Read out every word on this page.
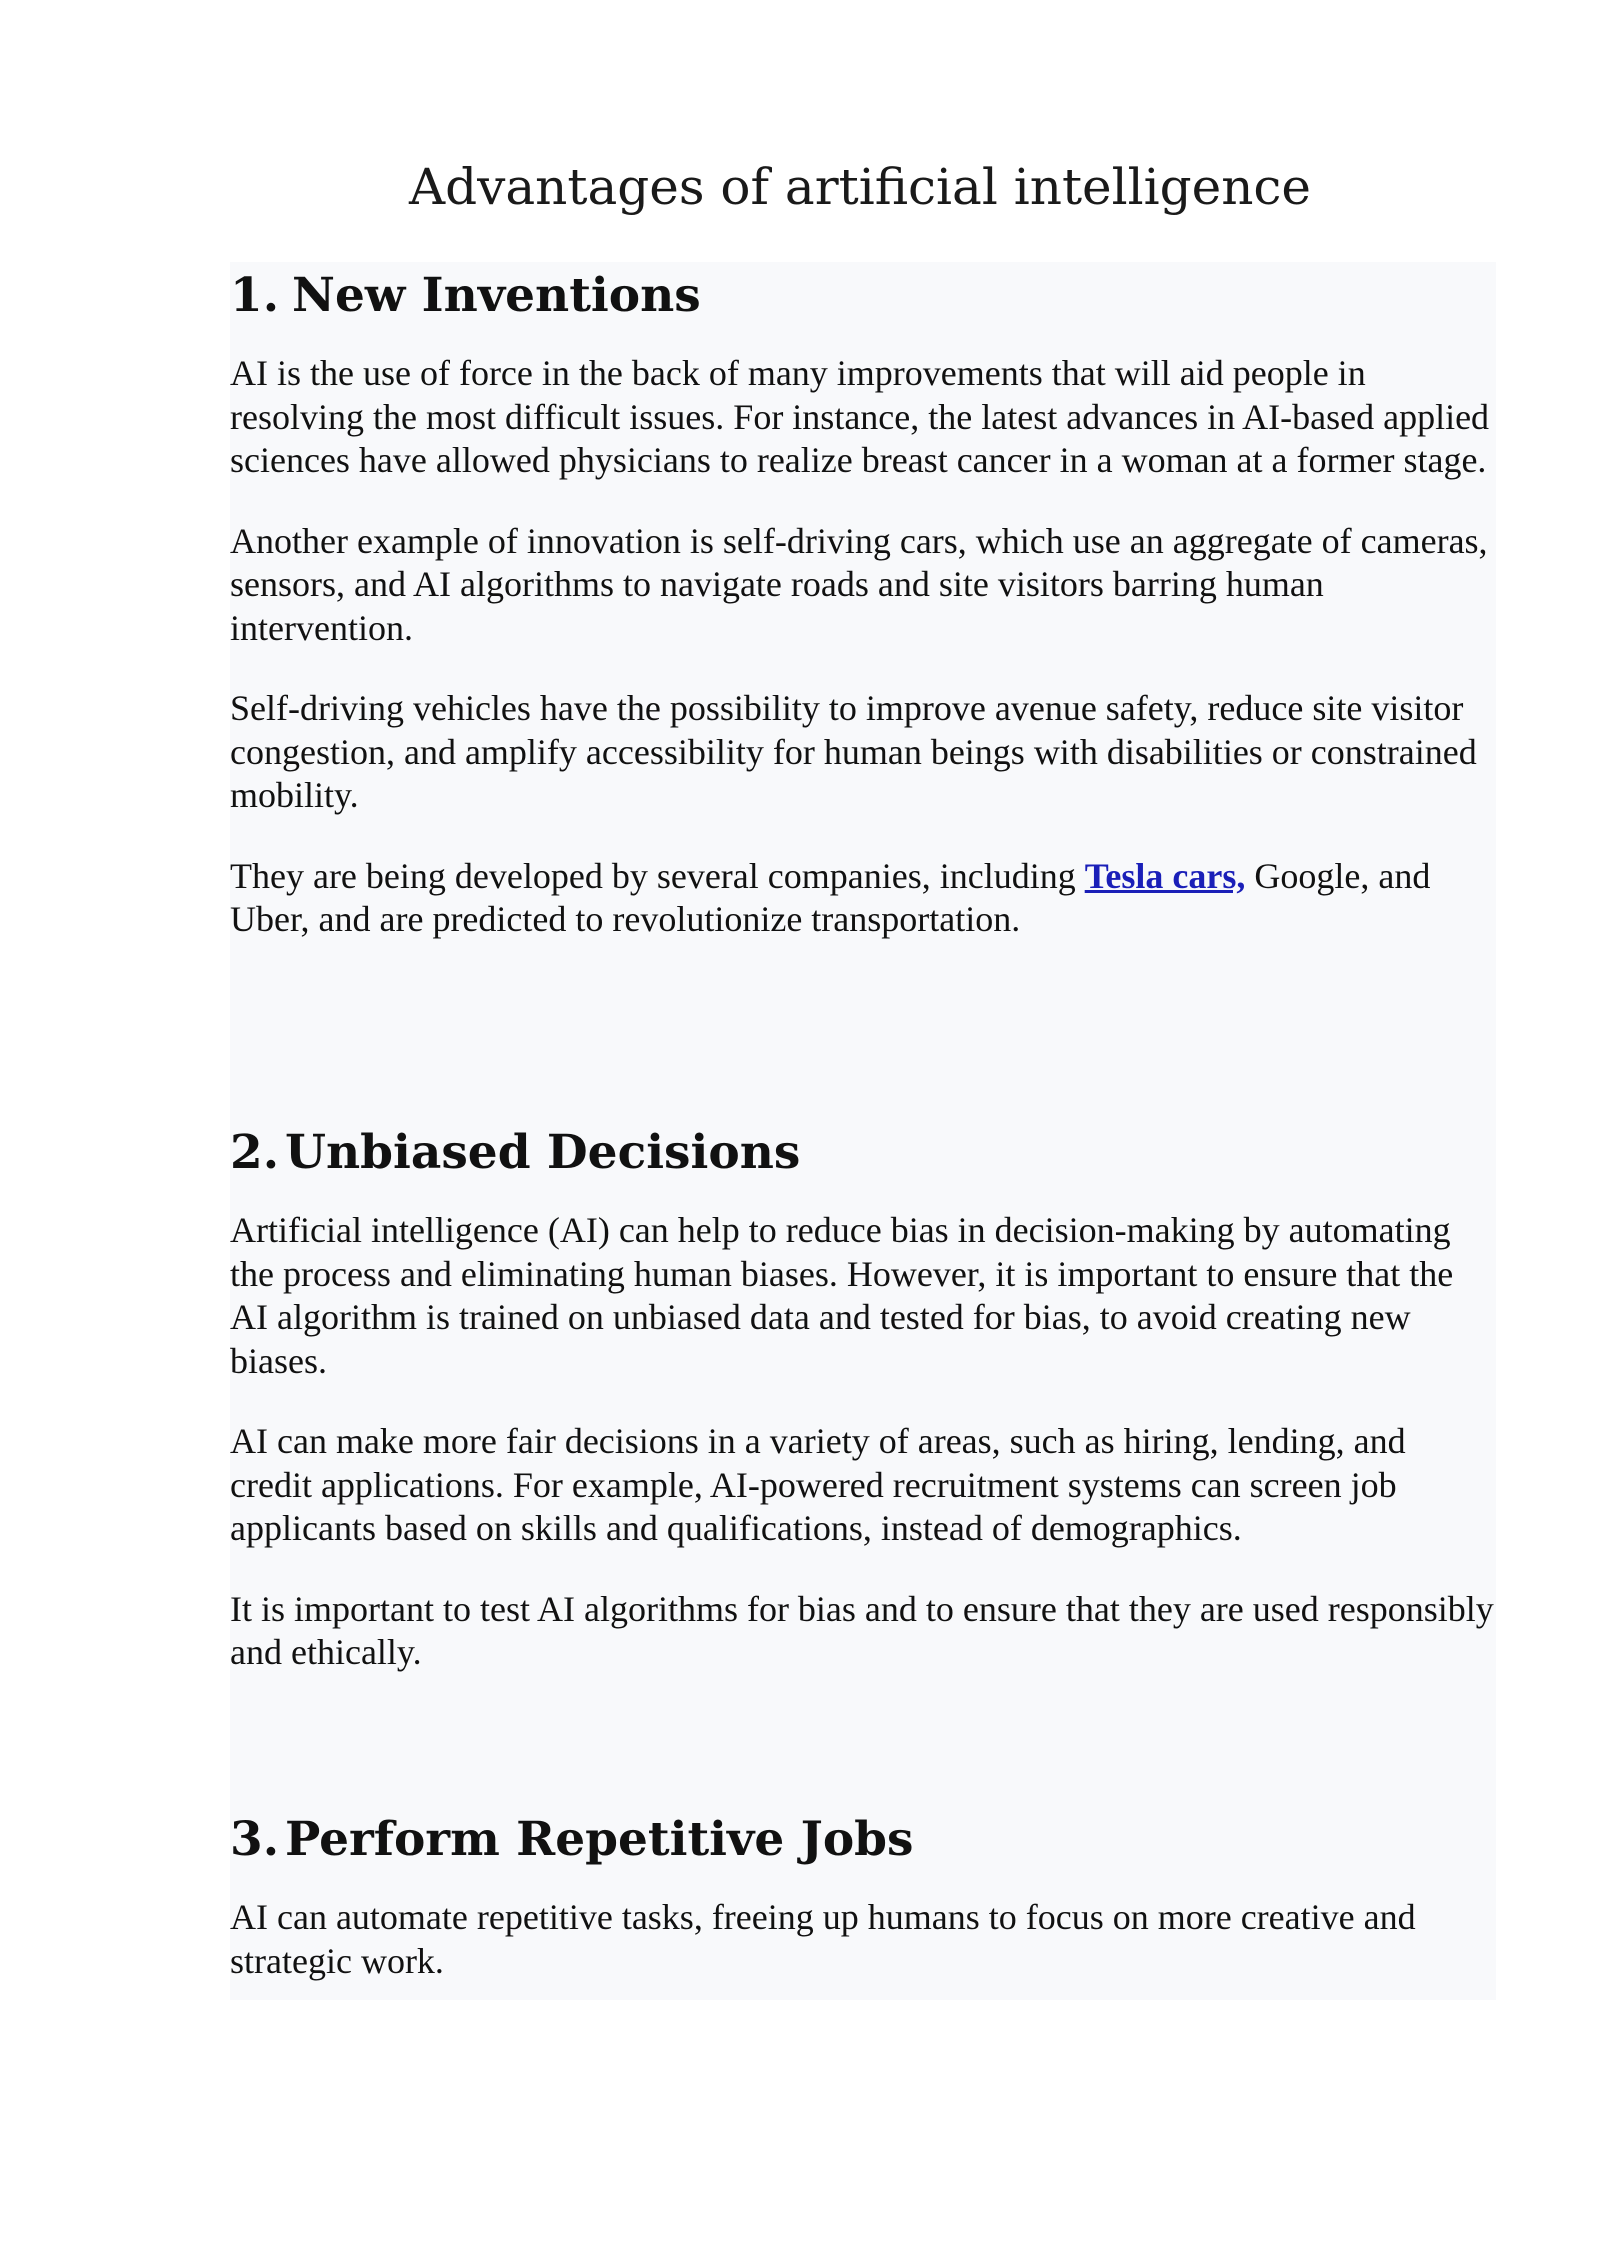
Advantages of artificial intelligence
1. New Inventions

AI is the use of force in the back of many improvements that will aid people in resolving the most difficult issues. For instance, the latest advances in AI-based applied sciences have allowed physicians to realize breast cancer in a woman at a former stage.

Another example of innovation is self-driving cars, which use an aggregate of cameras, sensors, and AI algorithms to navigate roads and site visitors barring human intervention.

Self-driving vehicles have the possibility to improve avenue safety, reduce site visitor congestion, and amplify accessibility for human beings with disabilities or constrained mobility.

They are being developed by several companies, including Tesla cars, Google, and Uber, and are predicted to revolutionize transportation.

2. Unbiased Decisions

Artificial intelligence (AI) can help to reduce bias in decision-making by automating the process and eliminating human biases. However, it is important to ensure that the AI algorithm is trained on unbiased data and tested for bias, to avoid creating new biases.

AI can make more fair decisions in a variety of areas, such as hiring, lending, and credit applications. For example, AI-powered recruitment systems can screen job applicants based on skills and qualifications, instead of demographics.

It is important to test AI algorithms for bias and to ensure that they are used responsibly and ethically.

3. Perform Repetitive Jobs

AI can automate repetitive tasks, freeing up humans to focus on more creative and strategic work.
